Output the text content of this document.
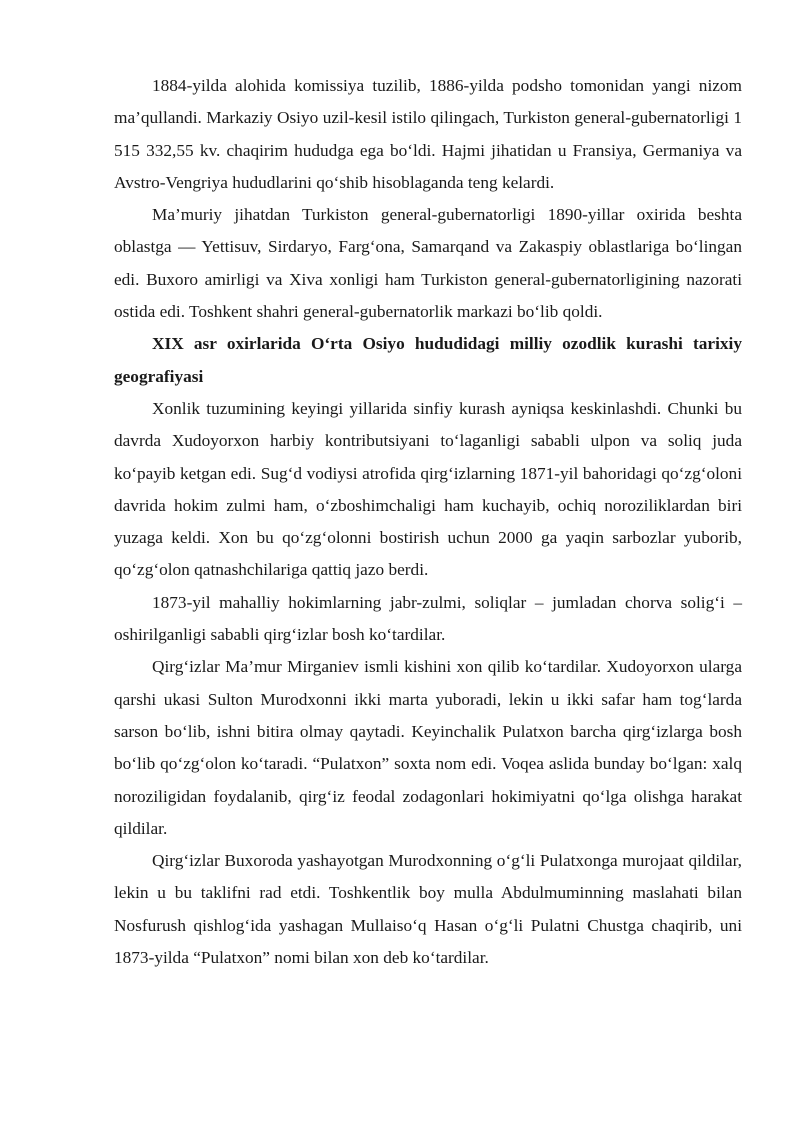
1884-yilda alohida komissiya tuzilib, 1886-yilda podsho tomonidan yangi nizom ma’qullandi. Markaziy Osiyo uzil-kesil istilo qilingach, Turkiston general-gubernatorligi 1 515 332,55 kv. chaqirim hududga ega bo‘ldi. Hajmi jihatidan u Fransiya, Germaniya va Avstro-Vengriya hududlarini qo‘shib hisoblaganda teng kelardi.

Ma’muriy jihatdan Turkiston general-gubernatorligi 1890-yillar oxirida beshta oblastga — Yettisuv, Sirdaryo, Farg‘ona, Samarqand va Zakaspiy oblastlariga bo‘lingan edi. Buxoro amirligi va Xiva xonligi ham Turkiston general-gubernatorligining nazorati ostida edi. Toshkent shahri general-gubernatorlik markazi bo‘lib qoldi.

XIX asr oxirlarida O‘rta Osiyo hududidagi milliy ozodlik kurashi tarixiy geografiyasi

Xonlik tuzumining keyingi yillarida sinfiy kurash ayniqsa keskinlashdi. Chunki bu davrda Xudoyorxon harbiy kontributsiyani to‘laganligi sababli ulpon va soliq juda ko‘payib ketgan edi. Sug‘d vodiysi atrofida qirg‘izlarning 1871-yil bahoridagi qo‘zg‘oloni davrida hokim zulmi ham, o‘zboshimchaligi ham kuchayib, ochiq noroziliklardan biri yuzaga keldi. Xon bu qo‘zg‘olonni bostirish uchun 2000 ga yaqin sarbozlar yuborib, qo‘zg‘olon qatnashchilariga qattiq jazo berdi.

1873-yil mahalliy hokimlarning jabr-zulmi, soliqlar – jumladan chorva solig‘i – oshirilganligi sababli qirg‘izlar bosh ko‘tardilar.

Qirg‘izlar Ma’mur Mirganiev ismli kishini xon qilib ko‘tardilar. Xudoyorxon ularga qarshi ukasi Sulton Murodxonni ikki marta yuboradi, lekin u ikki safar ham tog‘larda sarson bo‘lib, ishni bitira olmay qaytadi. Keyinchalik Pulatxon barcha qirg‘izlarga bosh bo‘lib qo‘zg‘olon ko‘taradi. “Pulatxon” soxta nom edi. Voqea aslida bunday bo‘lgan: xalq noroziligidan foydalanib, qirg‘iz feodal zodagonlari hokimiyatni qo‘lga olishga harakat qildilar.

Qirg‘izlar Buxoroda yashayotgan Murodxonning o‘g‘li Pulatxonga murojaat qildilar, lekin u bu taklifni rad etdi. Toshkentlik boy mulla Abdulmuminning maslahati bilan Nosfurush qishlog‘ida yashagan Mullaiso‘q Hasan o‘g‘li Pulatni Chustga chaqirib, uni 1873-yilda “Pulatxon” nomi bilan xon deb ko‘tardilar.
